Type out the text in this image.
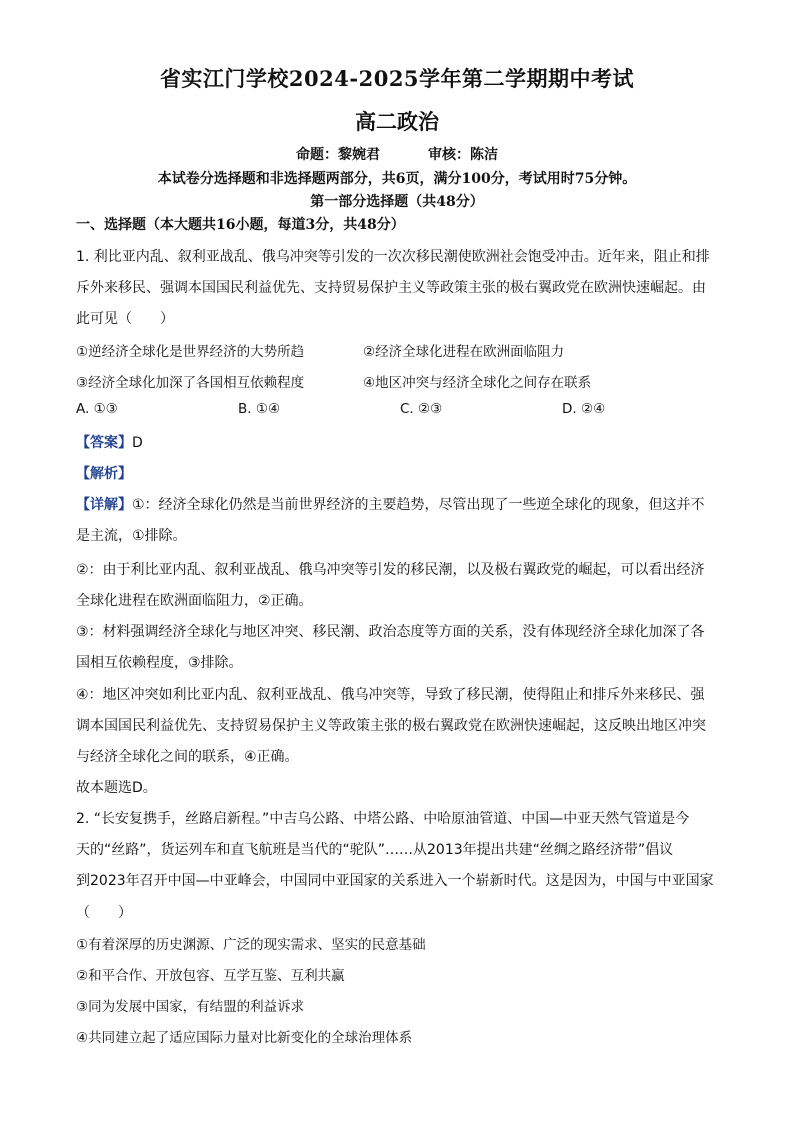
省实江门学校2024-2025学年第二学期期中考试
高二政治
命题：黎婉君	审核：陈洁
本试卷分选择题和非选择题两部分，共6页，满分100分，考试用时75分钟。
第一部分选择题（共48分）
一、选择题（本大题共16小题，每道3分，共48分）
1. 利比亚内乱、叙利亚战乱、俄乌冲突等引发的一次次移民潮使欧洲社会饱受冲击。近年来，阻止和排
斥外来移民、强调本国国民利益优先、支持贸易保护主义等政策主张的极右翼政党在欧洲快速崛起。由
此可见（　　）
①逆经济全球化是世界经济的大势所趋	②经济全球化进程在欧洲面临阻力
③经济全球化加深了各国相互依赖程度	④地区冲突与经济全球化之间存在联系
A. ①③	B. ①④	C. ②③	D. ②④
【答案】D
【解析】
【详解】①：经济全球化仍然是当前世界经济的主要趋势，尽管出现了一些逆全球化的现象，但这并不
是主流，①排除。
②：由于利比亚内乱、叙利亚战乱、俄乌冲突等引发的移民潮，以及极右翼政党的崛起，可以看出经济
全球化进程在欧洲面临阻力，②正确。
③：材料强调经济全球化与地区冲突、移民潮、政治态度等方面的关系，没有体现经济全球化加深了各
国相互依赖程度，③排除。
④：地区冲突如利比亚内乱、叙利亚战乱、俄乌冲突等，导致了移民潮，使得阻止和排斥外来移民、强
调本国国民利益优先、支持贸易保护主义等政策主张的极右翼政党在欧洲快速崛起，这反映出地区冲突
与经济全球化之间的联系，④正确。
故本题选D。
2. “长安复携手，丝路启新程。”中吉乌公路、中塔公路、中哈原油管道、中国—中亚天然气管道是今
天的“丝路”，货运列车和直飞航班是当代的“驼队”……从2013年提出共建“丝绸之路经济带”倡议
到2023年召开中国—中亚峰会，中国同中亚国家的关系进入一个崭新时代。这是因为，中国与中亚国家
（　　）
①有着深厚的历史渊源、广泛的现实需求、坚实的民意基础
②和平合作、开放包容、互学互鉴、互利共赢
③同为发展中国家，有结盟的利益诉求
④共同建立起了适应国际力量对比新变化的全球治理体系
